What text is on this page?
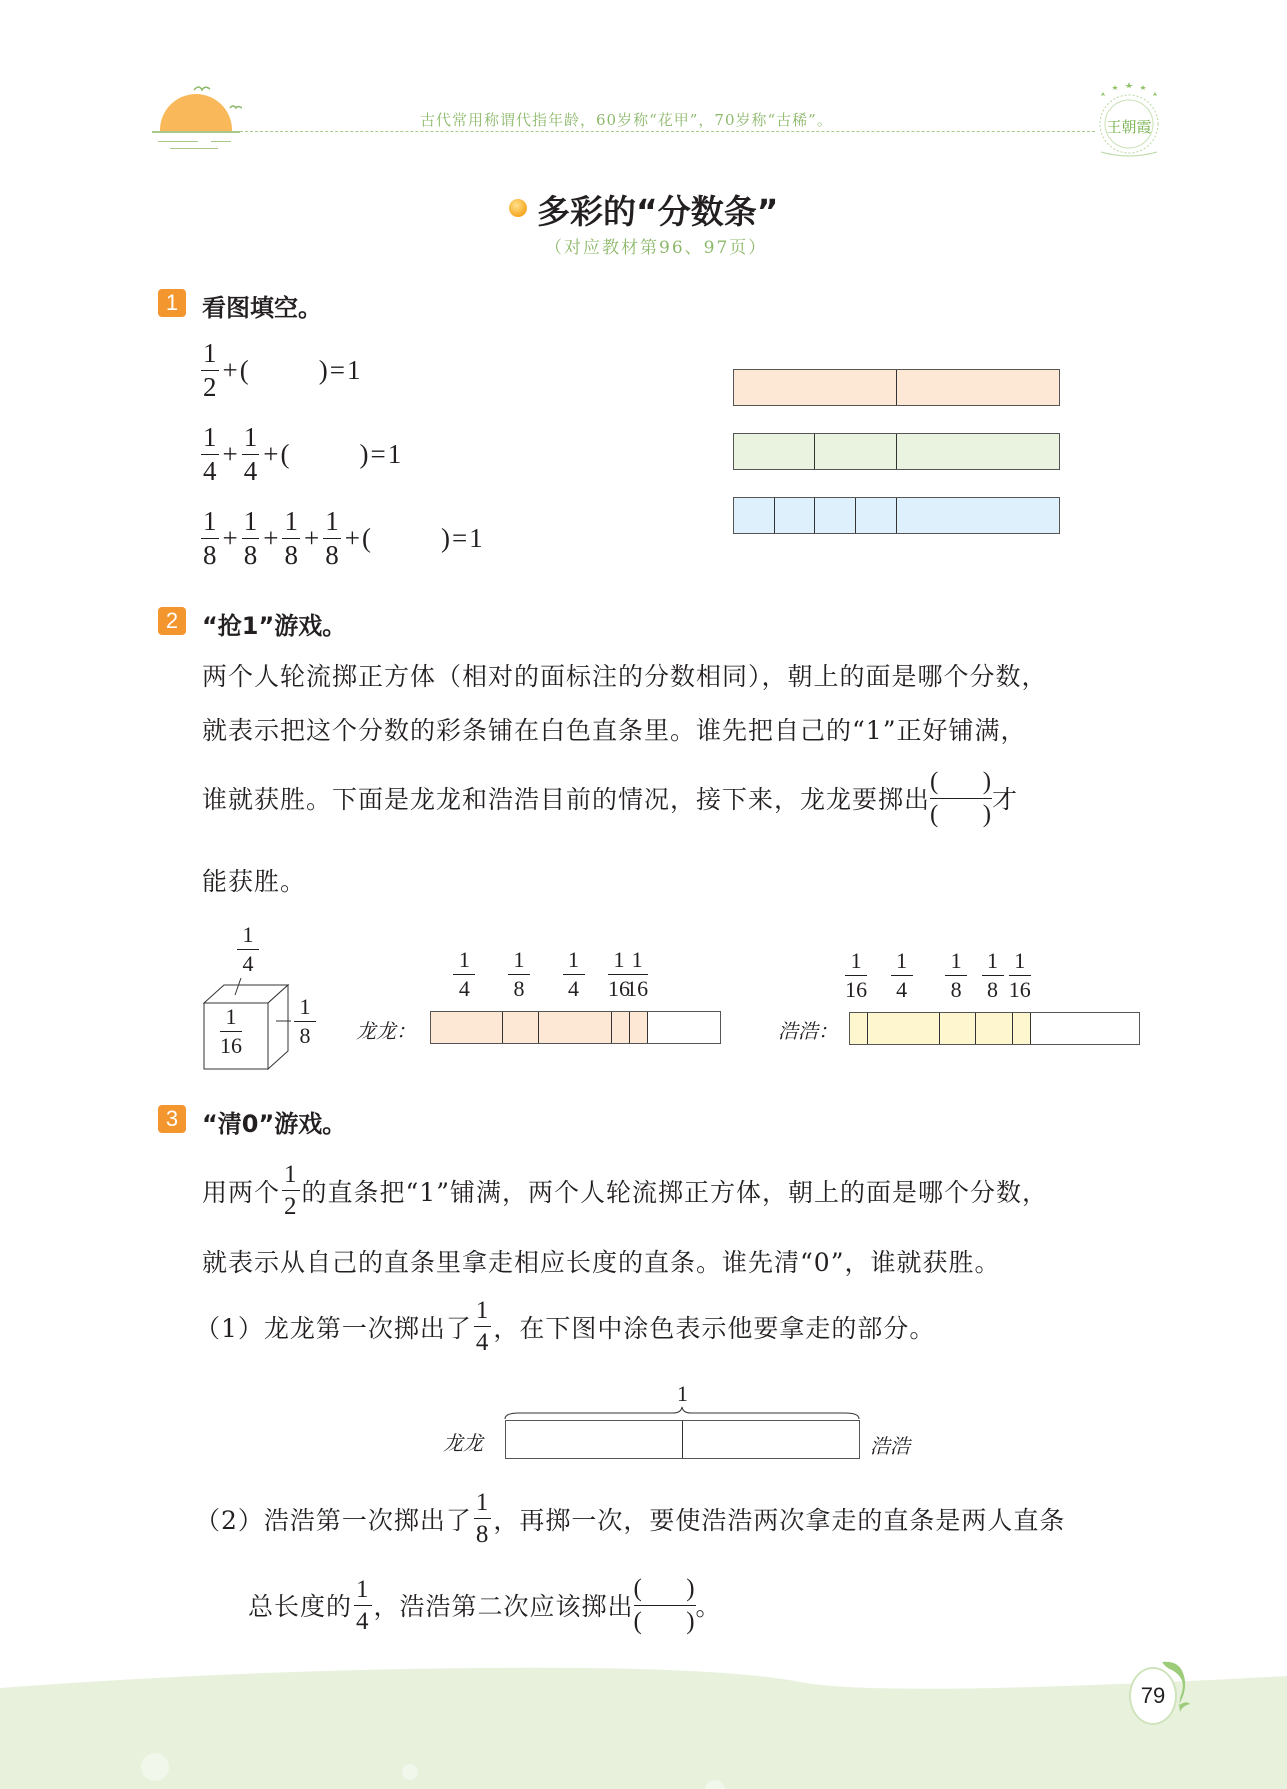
古代常用称谓代指年龄，60岁称“花甲”，70岁称“古稀”。	王朝霞
多彩的“分数条”
（对应教材第96、97页）
1 看图填空。
$\frac{1}{2}$ + (	) = 1
$\frac{1}{4} + \frac{1}{4}$ + (	) = 1
$\frac{1}{8} + \frac{1}{8} + \frac{1}{8} + \frac{1}{8}$ + (	) = 1
2 “抢1”游戏。
两个人轮流掷正方体（相对的面标注的分数相同），朝上的面是哪个分数，
就表示把这个分数的彩条铺在白色直条里。谁先把自己的“1”正好铺满，
谁就获胜。下面是龙龙和浩浩目前的情况，接下来，龙龙要掷出
( )
( ) 才
能获胜。
$\frac{1}{4}$
$\frac{1}{16} \frac{1}{8}$ 龙龙：
$\frac{1}{4} \frac{1}{8} \frac{1}{4} \frac{1}{16}$
$\frac{1}{16}$
浩浩：
$\frac{1}{16} \frac{1}{4} \frac{1}{8} \frac{1}{8} \frac{1}{16}$
3 “清0”游戏。
用两个 $\frac{1}{2}$ 的直条把“1”铺满，两个人轮流掷正方体，朝上的面是哪个分数，
就表示从自己的直条里拿走相应长度的直条。谁先清“0”，谁就获胜。
（1）龙龙第一次掷出了 $\frac{1}{4}$ ，在下图中涂色表示他要拿走的部分。
1
龙龙	浩浩
（2）浩浩第一次掷出了 $\frac{1}{8}$ ，再掷一次，要使浩浩两次拿走的直条是两人直条
总长度的 $\frac{1}{4}$ ，浩浩第二次应该掷出
( )
( ) 。
79
